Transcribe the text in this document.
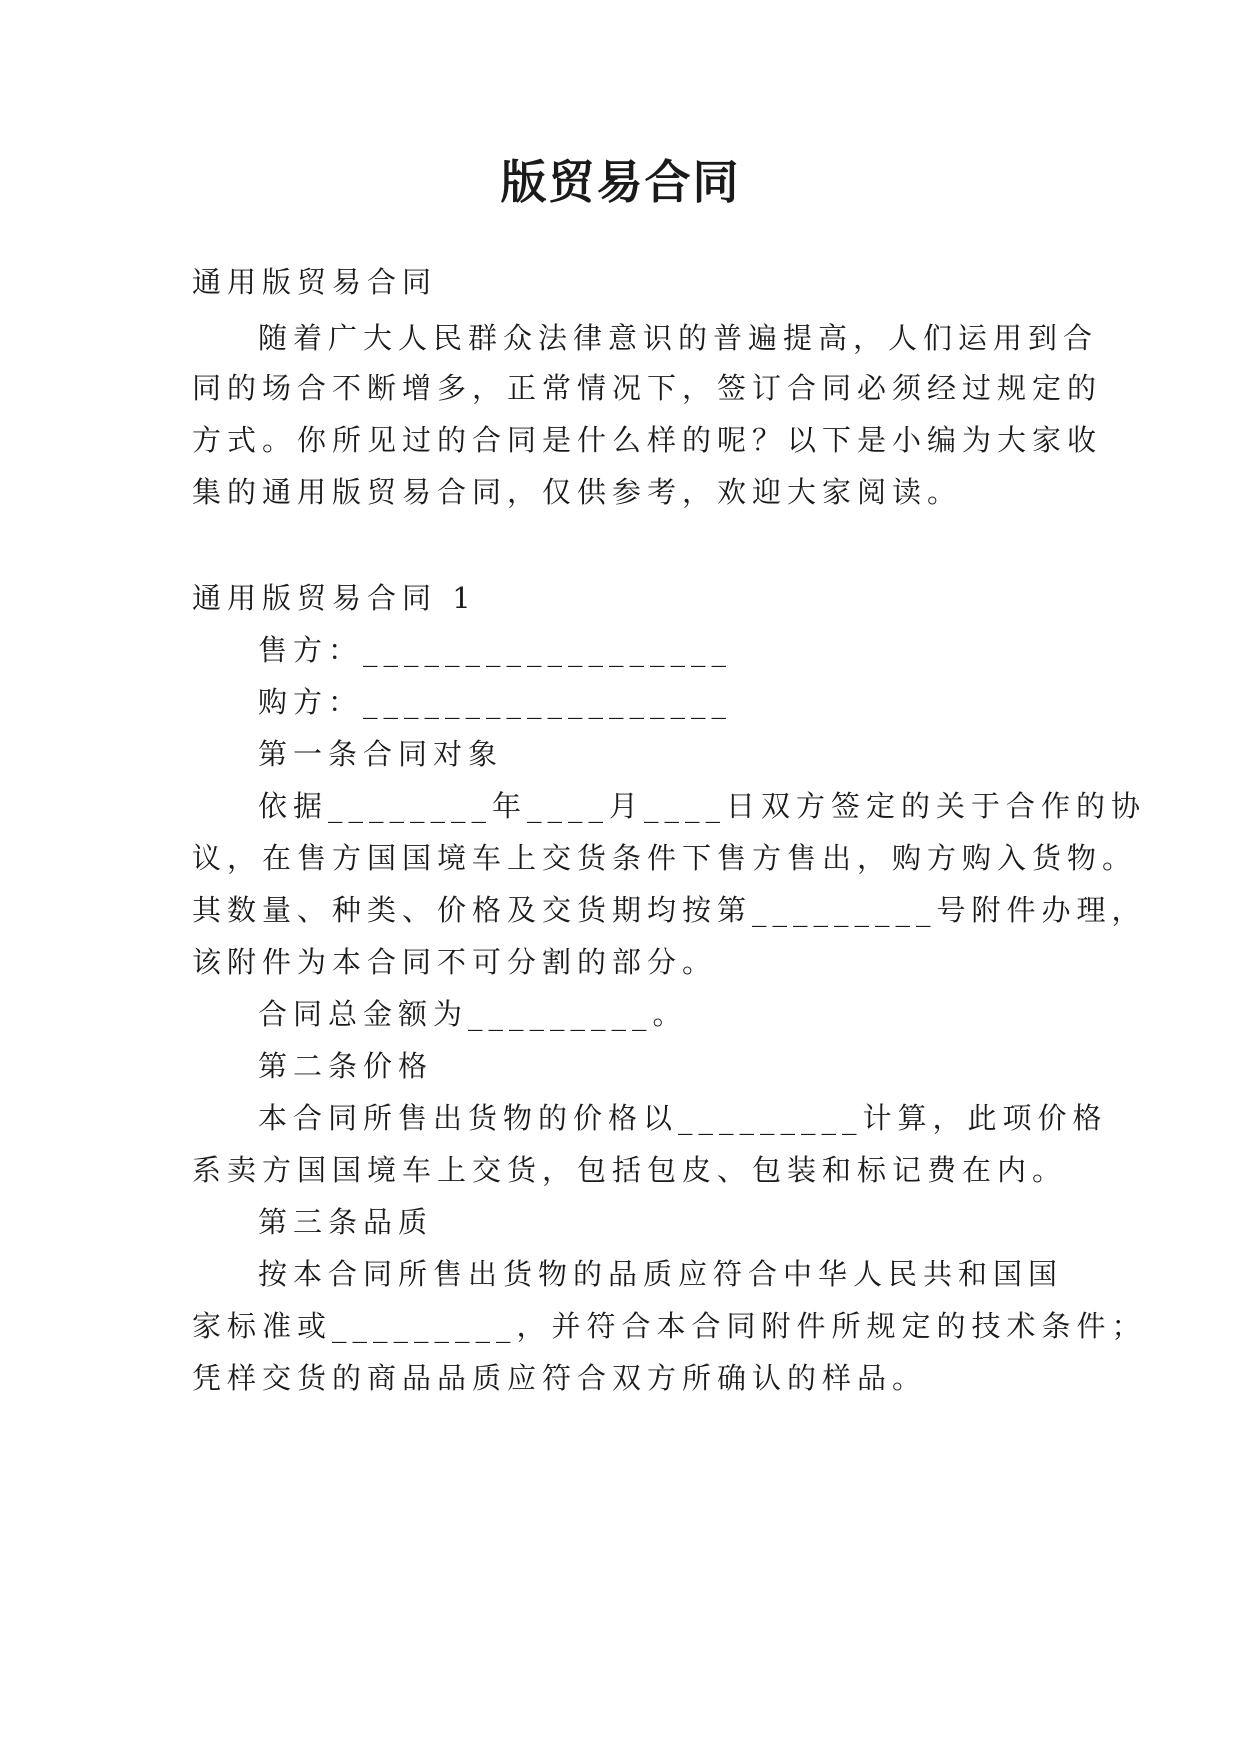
版贸易合同
通用版贸易合同
随着广大人民群众法律意识的普遍提高，人们运用到合
同的场合不断增多，正常情况下，签订合同必须经过规定的
方式。你所见过的合同是什么样的呢？以下是小编为大家收
集的通用版贸易合同，仅供参考，欢迎大家阅读。
通用版贸易合同 1
售方：__________________
购方：__________________
第一条合同对象
依据________年____月____日双方签定的关于合作的协
议，在售方国国境车上交货条件下售方售出，购方购入货物。
其数量、种类、价格及交货期均按第_________号附件办理，
该附件为本合同不可分割的部分。
合同总金额为_________。
第二条价格
本合同所售出货物的价格以_________计算，此项价格
系卖方国国境车上交货，包括包皮、包装和标记费在内。
第三条品质
按本合同所售出货物的品质应符合中华人民共和国国
家标准或_________，并符合本合同附件所规定的技术条件；
凭样交货的商品品质应符合双方所确认的样品。
